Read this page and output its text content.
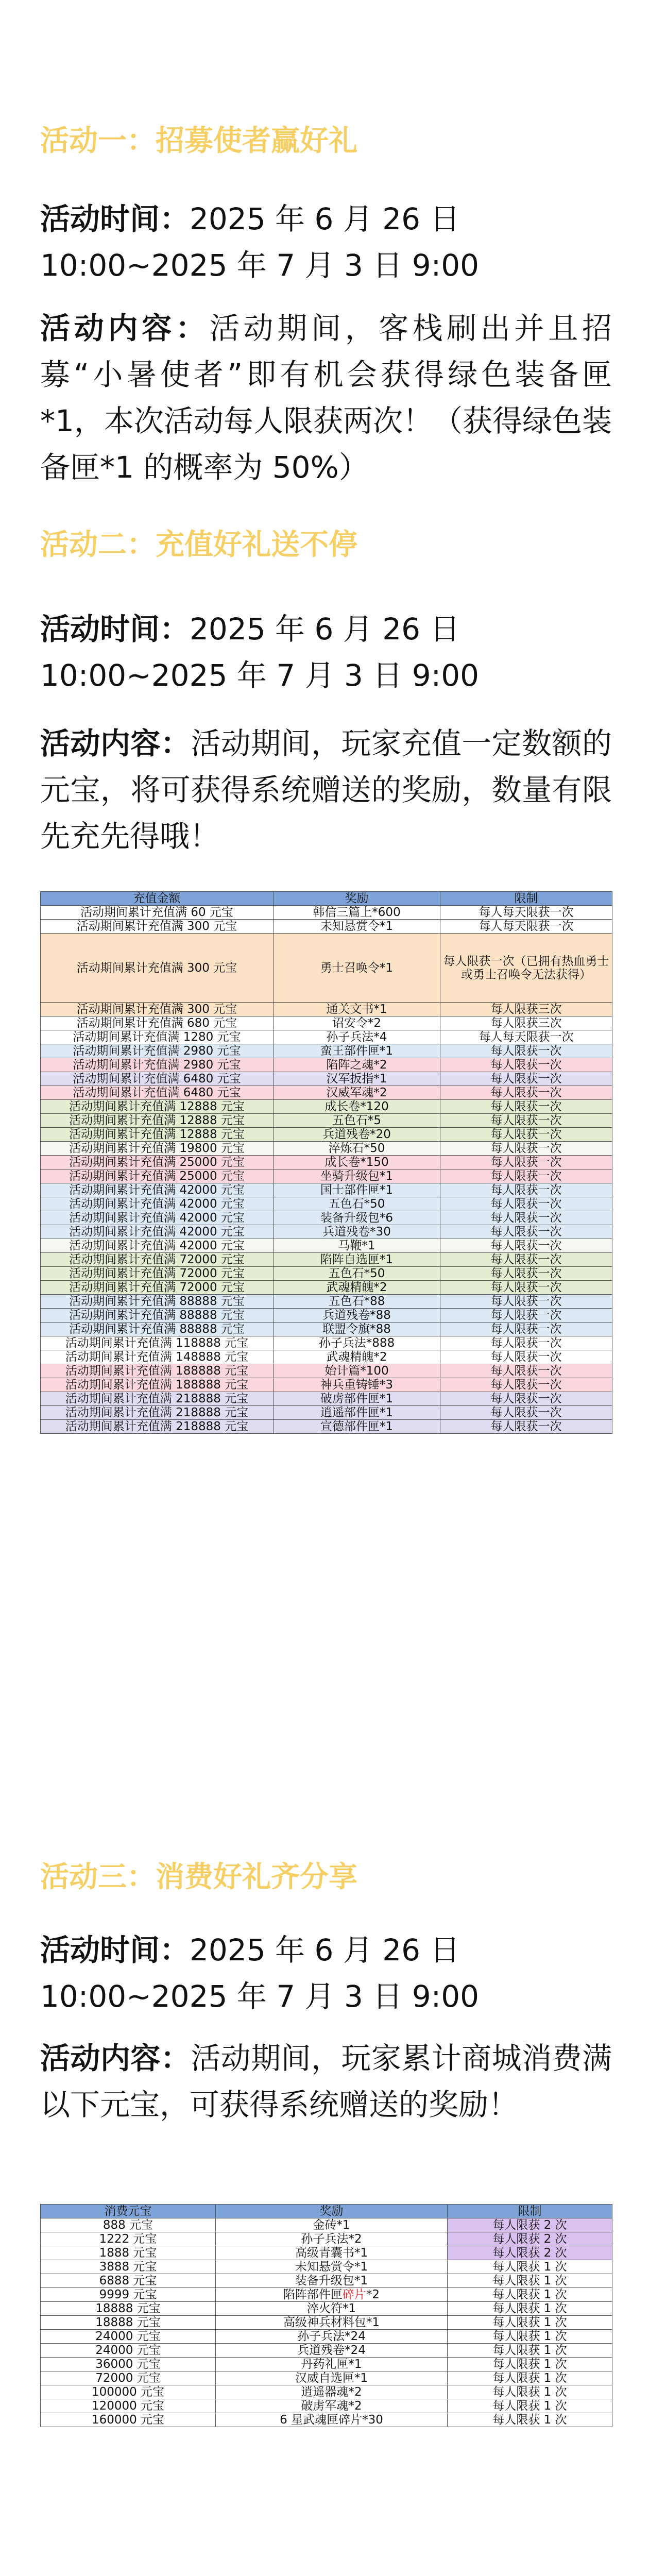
活动一：招募使者赢好礼
活动时间：2025 年 6 月 26 日 10:00~2025 年 7 月 3 日 9:00
活动内容：活动期间，客栈刷出并且招募“小暑使者”即有机会获得绿色装备匣*1，本次活动每人限获两次！（获得绿色装备匣*1 的概率为 50%）
活动二：充值好礼送不停
活动时间：2025 年 6 月 26 日 10:00~2025 年 7 月 3 日 9:00
活动内容：活动期间，玩家充值一定数额的元宝，将可获得系统赠送的奖励，数量有限先充先得哦！
充值金额	奖励	限制
活动期间累计充值满 60 元宝	韩信三篇上*600	每人每天限获一次
活动期间累计充值满 300 元宝	未知悬赏令*1	每人每天限获一次
活动期间累计充值满 300 元宝	勇士召唤令*1	每人限获一次（已拥有热血勇士或勇士召唤令无法获得）
活动期间累计充值满 300 元宝	通关文书*1	每人限获三次
活动期间累计充值满 680 元宝	诏安令*2	每人限获三次
活动期间累计充值满 1280 元宝	孙子兵法*4	每人每天限获一次
活动期间累计充值满 2980 元宝	蛮王部件匣*1	每人限获一次
活动期间累计充值满 2980 元宝	陷阵之魂*2	每人限获一次
活动期间累计充值满 6480 元宝	汉军扳指*1	每人限获一次
活动期间累计充值满 6480 元宝	汉威军魂*2	每人限获一次
活动期间累计充值满 12888 元宝	成长卷*120	每人限获一次
活动期间累计充值满 12888 元宝	五色石*5	每人限获一次
活动期间累计充值满 12888 元宝	兵道残卷*20	每人限获一次
活动期间累计充值满 19800 元宝	淬炼石*50	每人限获一次
活动期间累计充值满 25000 元宝	成长卷*150	每人限获一次
活动期间累计充值满 25000 元宝	坐骑升级包*1	每人限获一次
活动期间累计充值满 42000 元宝	国士部件匣*1	每人限获一次
活动期间累计充值满 42000 元宝	五色石*50	每人限获一次
活动期间累计充值满 42000 元宝	装备升级包*6	每人限获一次
活动期间累计充值满 42000 元宝	兵道残卷*30	每人限获一次
活动期间累计充值满 42000 元宝	马鞭*1	每人限获一次
活动期间累计充值满 72000 元宝	陷阵自选匣*1	每人限获一次
活动期间累计充值满 72000 元宝	五色石*50	每人限获一次
活动期间累计充值满 72000 元宝	武魂精魄*2	每人限获一次
活动期间累计充值满 88888 元宝	五色石*88	每人限获一次
活动期间累计充值满 88888 元宝	兵道残卷*88	每人限获一次
活动期间累计充值满 88888 元宝	联盟令旗*88	每人限获一次
活动期间累计充值满 118888 元宝	孙子兵法*888	每人限获一次
活动期间累计充值满 148888 元宝	武魂精魄*2	每人限获一次
活动期间累计充值满 188888 元宝	始计篇*100	每人限获一次
活动期间累计充值满 188888 元宝	神兵重铸锤*3	每人限获一次
活动期间累计充值满 218888 元宝	破虏部件匣*1	每人限获一次
活动期间累计充值满 218888 元宝	逍遥部件匣*1	每人限获一次
活动期间累计充值满 218888 元宝	宣德部件匣*1	每人限获一次
活动三：消费好礼齐分享
活动时间：2025 年 6 月 26 日 10:00~2025 年 7 月 3 日 9:00
活动内容：活动期间，玩家累计商城消费满以下元宝，可获得系统赠送的奖励！
消费元宝	奖励	限制
888 元宝	金砖*1	每人限获 2 次
1222 元宝	孙子兵法*2	每人限获 2 次
1888 元宝	高级青囊书*1	每人限获 2 次
3888 元宝	未知悬赏令*1	每人限获 1 次
6888 元宝	装备升级包*1	每人限获 1 次
9999 元宝	陷阵部件匣碎片*2	每人限获 1 次
18888 元宝	淬火符*1	每人限获 1 次
18888 元宝	高级神兵材料包*1	每人限获 1 次
24000 元宝	孙子兵法*24	每人限获 1 次
24000 元宝	兵道残卷*24	每人限获 1 次
36000 元宝	丹药礼匣*1	每人限获 1 次
72000 元宝	汉威自选匣*1	每人限获 1 次
100000 元宝	逍遥器魂*2	每人限获 1 次
120000 元宝	破虏军魂*2	每人限获 1 次
160000 元宝	6 星武魂匣碎片*30	每人限获 1 次
